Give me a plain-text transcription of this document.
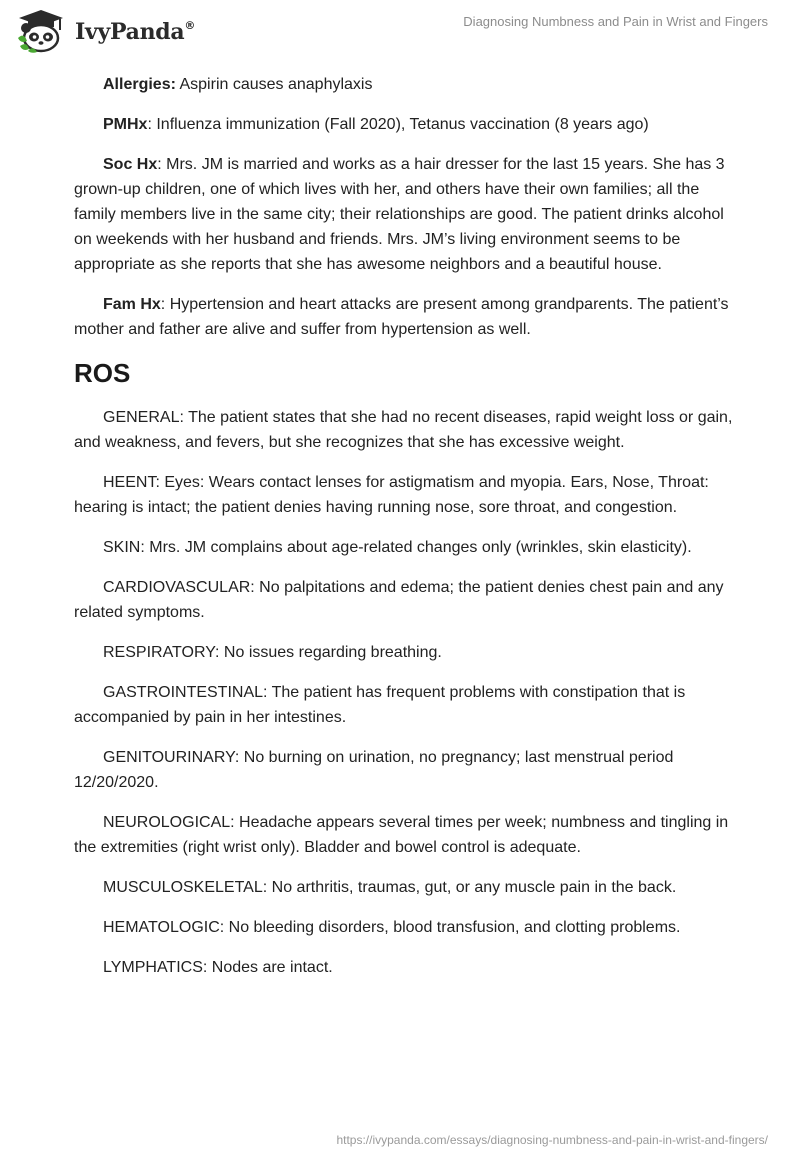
IvyPanda®	Diagnosing Numbness and Pain in Wrist and Fingers

Allergies: Aspirin causes anaphylaxis

PMHx: Influenza immunization (Fall 2020), Tetanus vaccination (8 years ago)

Soc Hx: Mrs. JM is married and works as a hair dresser for the last 15 years. She has 3 grown-up children, one of which lives with her, and others have their own families; all the family members live in the same city; their relationships are good. The patient drinks alcohol on weekends with her husband and friends. Mrs. JM’s living environment seems to be appropriate as she reports that she has awesome neighbors and a beautiful house.

Fam Hx: Hypertension and heart attacks are present among grandparents. The patient’s mother and father are alive and suffer from hypertension as well.

ROS

GENERAL: The patient states that she had no recent diseases, rapid weight loss or gain, and weakness, and fevers, but she recognizes that she has excessive weight.

HEENT: Eyes: Wears contact lenses for astigmatism and myopia. Ears, Nose, Throat: hearing is intact; the patient denies having running nose, sore throat, and congestion.

SKIN: Mrs. JM complains about age-related changes only (wrinkles, skin elasticity).

CARDIOVASCULAR: No palpitations and edema; the patient denies chest pain and any related symptoms.

RESPIRATORY: No issues regarding breathing.

GASTROINTESTINAL: The patient has frequent problems with constipation that is accompanied by pain in her intestines.

GENITOURINARY: No burning on urination, no pregnancy; last menstrual period 12/20/2020.

NEUROLOGICAL: Headache appears several times per week; numbness and tingling in the extremities (right wrist only). Bladder and bowel control is adequate.

MUSCULOSKELETAL: No arthritis, traumas, gut, or any muscle pain in the back.

HEMATOLOGIC: No bleeding disorders, blood transfusion, and clotting problems.

LYMPHATICS: Nodes are intact.

https://ivypanda.com/essays/diagnosing-numbness-and-pain-in-wrist-and-fingers/
